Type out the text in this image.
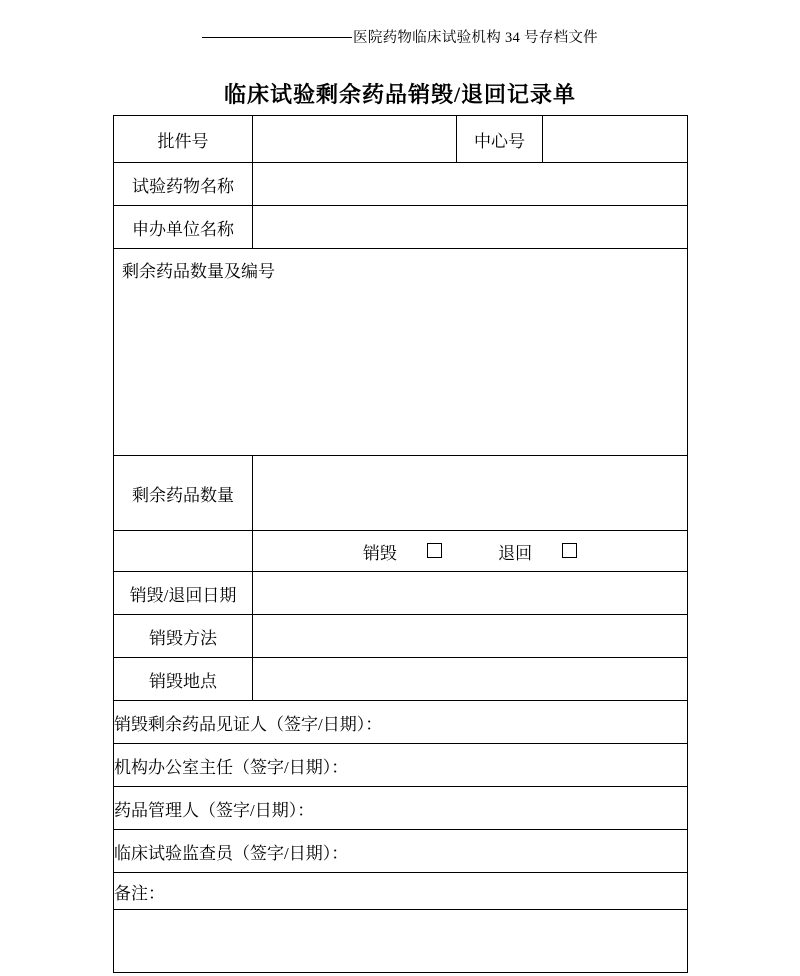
医院药物临床试验机构 34 号存档文件
临床试验剩余药品销毁/退回记录单
批件号		中心号	
试验药物名称			
申办单位名称			

剩余药品数量及编号			

剩余药品数量			
	销毁 退回		
销毁/退回日期			
销毁方法			
销毁地点			
销毁剩余药品见证人（签字/日期）：			
机构办公室主任（签字/日期）：			
药品管理人（签字/日期）：			
临床试验监查员（签字/日期）：			
备注：			
